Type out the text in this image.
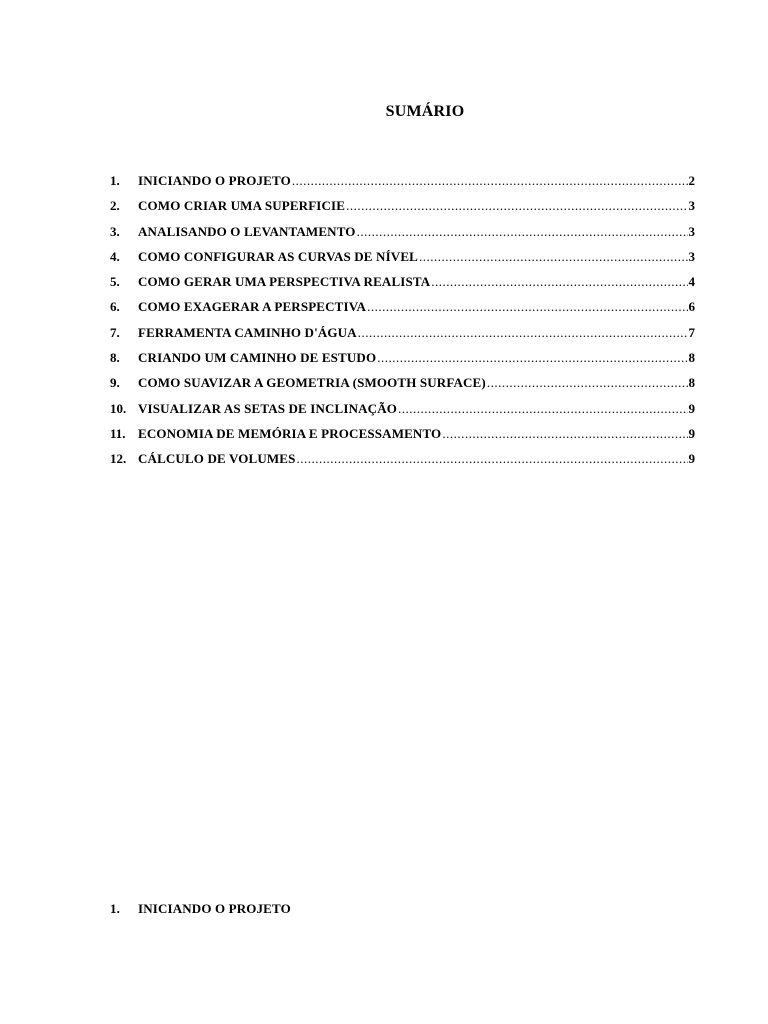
SUMÁRIO
1.	INICIANDO O PROJETO .....	2
2.	COMO CRIAR UMA SUPERFICIE .....	3
3.	ANALISANDO O LEVANTAMENTO .....	3
4.	COMO CONFIGURAR AS CURVAS DE NÍVEL .....	3
5.	COMO GERAR UMA PERSPECTIVA REALISTA .....	4
6.	COMO EXAGERAR A PERSPECTIVA .....	6
7.	FERRAMENTA CAMINHO D'ÁGUA .....	7
8.	CRIANDO UM CAMINHO DE ESTUDO .....	8
9.	COMO SUAVIZAR A GEOMETRIA (SMOOTH SURFACE) .....	8
10. VISUALIZAR AS SETAS DE INCLINAÇÃO .....	9
11. ECONOMIA DE MEMÓRIA E PROCESSAMENTO .....	9
12. CÁLCULO DE VOLUMES .....	9
1.	INICIANDO O PROJETO
